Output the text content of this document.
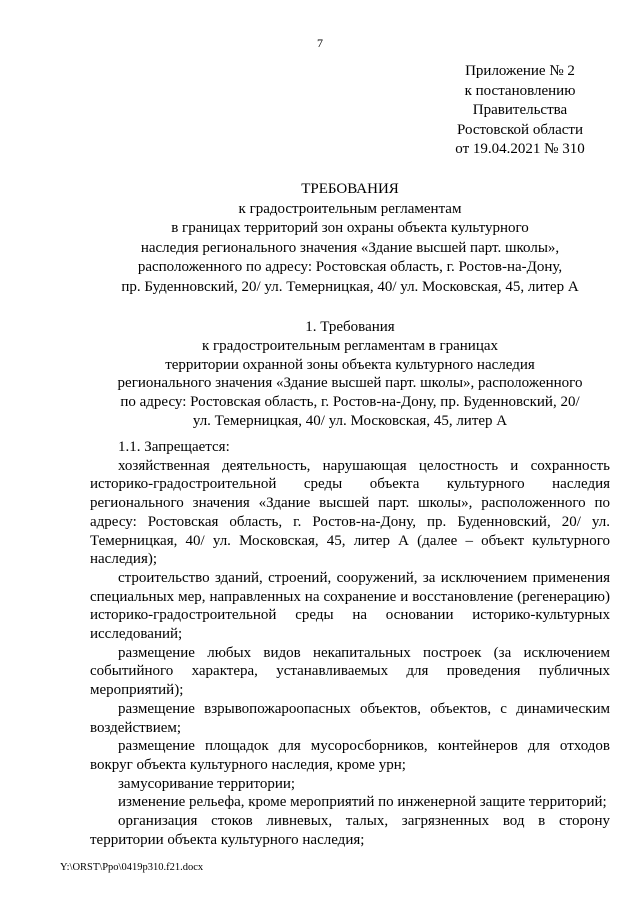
7
Приложение № 2
к постановлению
Правительства
Ростовской области
от 19.04.2021 № 310
ТРЕБОВАНИЯ
к градостроительным регламентам
в границах территорий зон охраны объекта культурного
наследия регионального значения «Здание высшей парт. школы»,
расположенного по адресу: Ростовская область, г. Ростов-на-Дону,
пр. Буденновский, 20/ ул. Темерницкая, 40/ ул. Московская, 45, литер А
1. Требования
к градостроительным регламентам в границах
территории охранной зоны объекта культурного наследия
регионального значения «Здание высшей парт. школы», расположенного
по адресу: Ростовская область, г. Ростов-на-Дону, пр. Буденновский, 20/
ул. Темерницкая, 40/ ул. Московская, 45, литер А

1.1. Запрещается:

хозяйственная деятельность, нарушающая целостность и сохранность историко-градостроительной среды объекта культурного наследия регионального значения «Здание высшей парт. школы», расположенного по адресу: Ростовская область, г. Ростов-на-Дону, пр. Буденновский, 20/ ул. Темерницкая, 40/ ул. Московская, 45, литер А (далее – объект культурного наследия);

строительство зданий, строений, сооружений, за исключением применения специальных мер, направленных на сохранение и восстановление (регенерацию) историко-градостроительной среды на основании историко-культурных исследований;

размещение любых видов некапитальных построек (за исключением событийного характера, устанавливаемых для проведения публичных мероприятий);

размещение взрывопожароопасных объектов, объектов, с динамическим воздействием;

размещение площадок для мусоросборников, контейнеров для отходов вокруг объекта культурного наследия, кроме урн;

замусоривание территории;

изменение рельефа, кроме мероприятий по инженерной защите территорий;

организация стоков ливневых, талых, загрязненных вод в сторону территории объекта культурного наследия;

Y:\ORST\Ppo\0419p310.f21.docx
